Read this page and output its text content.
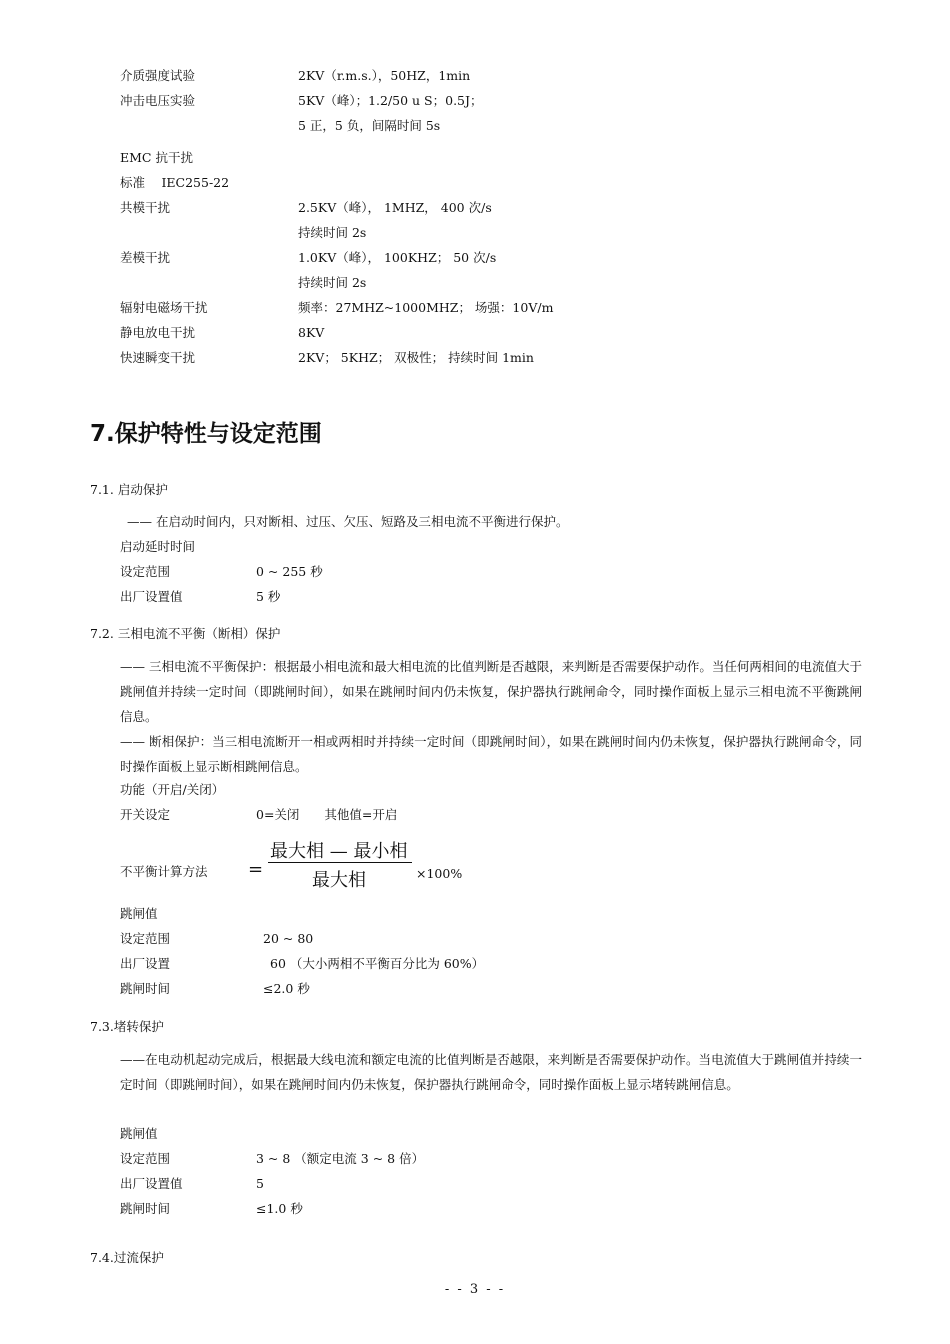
介质强度试验	2KV（r.m.s.），50HZ，1min
冲击电压实验	5KV（峰）；1.2/50 u S；0.5J；
5 正，5 负，间隔时间 5s
EMC 抗干扰
标准　 IEC255-22
共模干扰	2.5KV（峰）， 1MHZ， 400 次/s
持续时间 2s
差模干扰	1.0KV（峰）， 100KHZ； 50 次/s
持续时间 2s
辐射电磁场干扰	频率：27MHZ~1000MHZ； 场强：10V/m
静电放电干扰	8KV
快速瞬变干扰	2KV； 5KHZ； 双极性； 持续时间 1min
7.保护特性与设定范围
7.1. 启动保护
—— 在启动时间内，只对断相、过压、欠压、短路及三相电流不平衡进行保护。
启动延时时间
设定范围	0 ~ 255 秒
出厂设置值	5 秒
7.2. 三相电流不平衡（断相）保护
—— 三相电流不平衡保护：根据最小相电流和最大相电流的比值判断是否越限，来判断是否需要保护动作。当任何两相间的电流值大于跳闸值并持续一定时间（即跳闸时间），如果在跳闸时间内仍未恢复，保护器执行跳闸命令，同时操作面板上显示三相电流不平衡跳闸信息。
—— 断相保护：当三相电流断开一相或两相时并持续一定时间（即跳闸时间），如果在跳闸时间内仍未恢复，保护器执行跳闸命令，同时操作面板上显示断相跳闸信息。
功能（开启/关闭）
开关设定	0=关闭　　其他值=开启
不平衡计算方法 =
最大相 — 最小相
最大相	×100%
跳闸值
设定范围	20 ~ 80
出厂设置	60 （大小两相不平衡百分比为 60%）
跳闸时间	≤2.0 秒
7.3.堵转保护
——在电动机起动完成后，根据最大线电流和额定电流的比值判断是否越限，来判断是否需要保护动作。当电流值大于跳闸值并持续一定时间（即跳闸时间），如果在跳闸时间内仍未恢复，保护器执行跳闸命令，同时操作面板上显示堵转跳闸信息。
跳闸值
设定范围	3 ~ 8 （额定电流 3 ~ 8 倍）
出厂设置值	5
跳闸时间	≤1.0 秒
7.4.过流保护
- - 3 - -
